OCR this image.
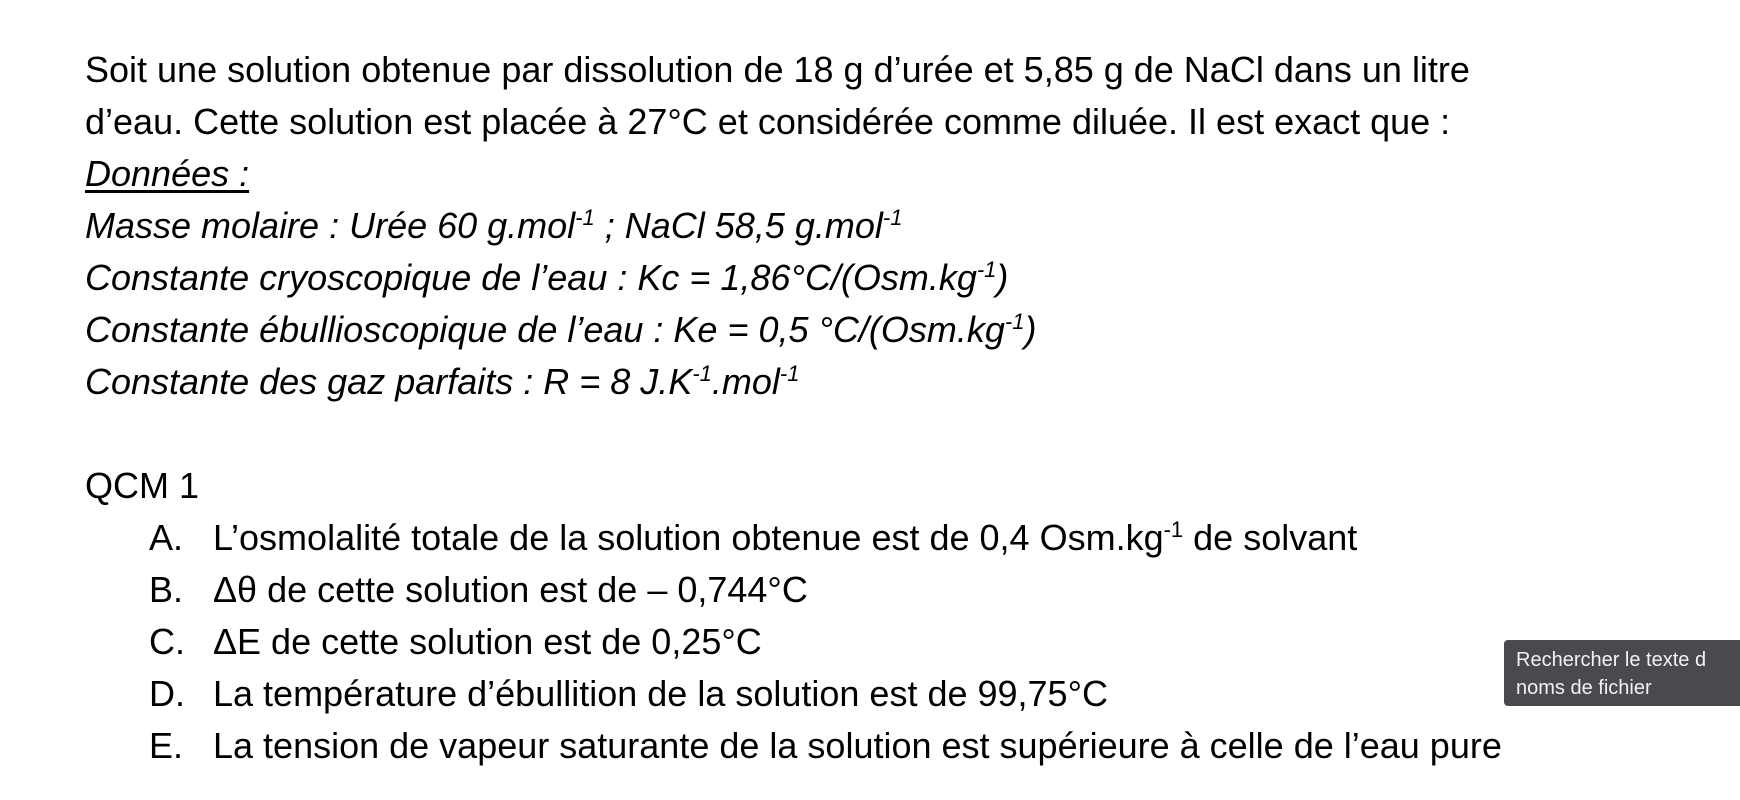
Soit une solution obtenue par dissolution de 18 g d’urée et 5,85 g de NaCl dans un litre
d’eau. Cette solution est placée à 27°C et considérée comme diluée. Il est exact que :
Données :
Masse molaire : Urée 60 g.mol$^{-1}$ ; NaCl 58,5 g.mol$^{-1}$
Constante cryoscopique de l’eau : $Kc = 1,86^\circ C/(Osm.kg^{-1})$
Constante ébullioscopique de l’eau : Ke = 0,5 $^\circ C/(Osm.kg^{-1})$
Constante des gaz parfaits : R = 8 $J.K^{-1}.mol^{-1}$
QCM 1
A. L’osmolalité totale de la solution obtenue est de 0,4 $Osm.kg^{-1}$ de solvant
B. Δθ de cette solution est de – 0,744°C
C. ΔE de cette solution est de 0,25°C
D. La température d’ébullition de la solution est de 99,75°C
E. La tension de vapeur saturante de la solution est supérieure à celle de l’eau pure
Rechercher le texte d
noms de fichier
